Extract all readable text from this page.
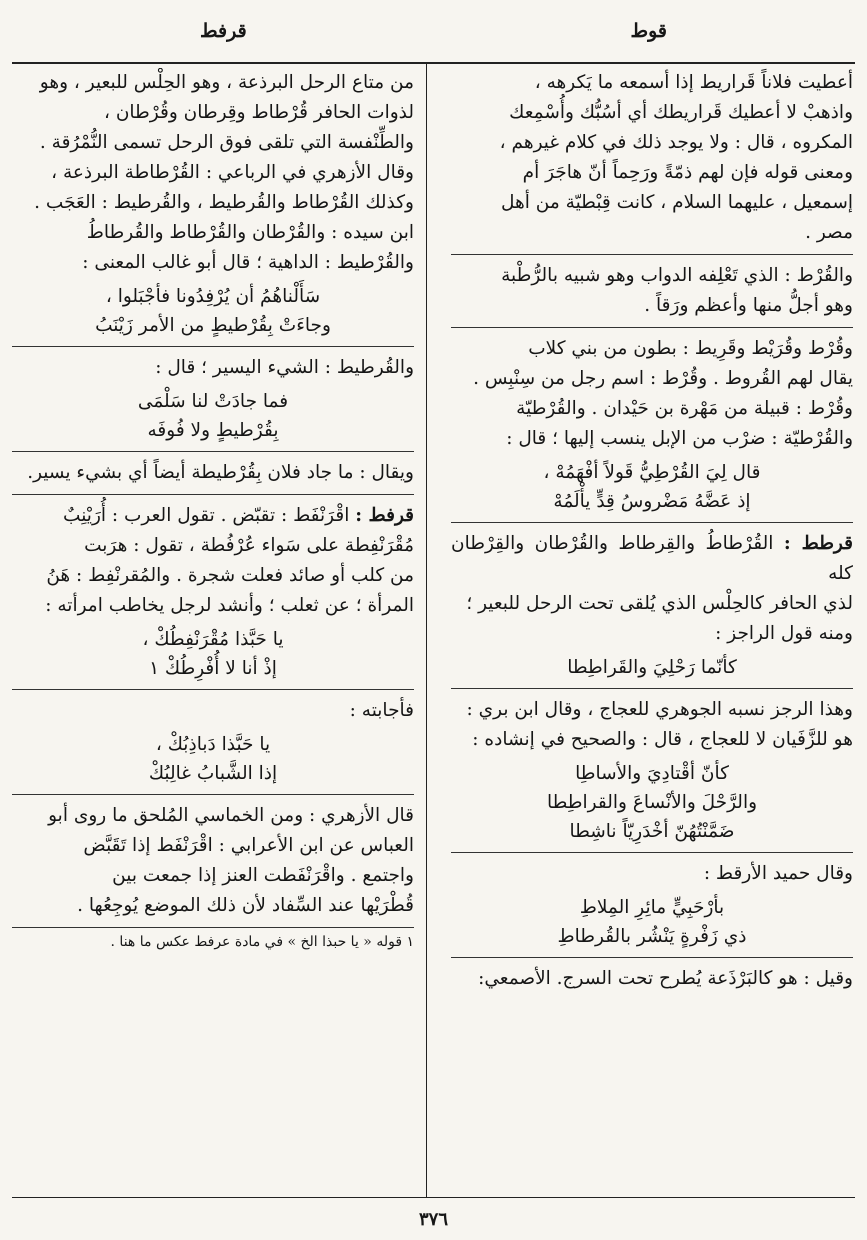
قوط
قرفط
أعطيت فلاناً قَراريط إذا أسمعه ما يَكرهه ،
واذهبْ لا أعطيك قَراريطك أي أسُبُّك وأُسْمِعك
المكروه ، قال : ولا يوجد ذلك في كلام غيرهم ،
ومعنى قوله فإن لهم ذمّةً ورَحِماً أنّ هاجَرَ أم
إسمعيل ، عليهما السلام ، كانت قِبْطيّة من أهل
مصر .
والقُرْط : الذي تَعْلِفه الدواب وهو شبيه بالرُّطْبة
وهو أجلُّ منها وأعظم ورَقاً .
وقُرْط وقُرَيْط وقَرِيط : بطون من بني كلاب
يقال لهم القُروط . وقُرْط : اسم رجل من سِنْبِس .
وقُرْط : قبيلة من مَهْرة بن حَيْدان . والقُرْطيّة
والقُرْطيّة : ضرْب من الإبل ينسب إليها ؛ قال :
قال لِيَ القُرْطِيُّ قَولاً أفْهَمُهْ ،
إذ عَضَّهُ مَضْروسُ قِدٍّ يأْلَمُهْ
قرطط : القُرْطاطُ والقِرطاط والقُرْطان والقِرْطان كله
لذي الحافر كالحِلْس الذي يُلقى تحت الرحل للبعير ؛
ومنه قول الراجز :
كأنّما رَحْلِيَ والقَراطِطا
وهذا الرجز نسبه الجوهري للعجاج ، وقال ابن بري :
هو للزَّفَيان لا للعجاج ، قال : والصحيح في إنشاده :
كأنّ أقْتادِيَ والأساطِا
والرَّحْلَ والأنْساعَ والقراطِطا
ضَمَّنْتُهُنّ أخْدَرِيّاً ناشِطا
وقال حميد الأرقط :
بأرْحَبِيٍّ مائِرِ المِلاطِ
ذي زَفْرةٍ يَنْشُر بالقُرطاطِ
وقيل : هو كالبَرْذَعة يُطرح تحت السرج. الأصمعي:
من متاع الرحل البرذعة ، وهو الحِلْس للبعير ، وهو
لذوات الحافر قُرْطاط وقِرطان وقُرْطان ،
والطِّنْفسة التي تلقى فوق الرحل تسمى النُّمْرُقة .
وقال الأزهري في الرباعي : القُرْطاطة البرذعة ،
وكذلك القُرْطاط والقُرطيط ، والقُرطيط : العَجَب .
ابن سيده : والقُرْطان والقُرْطاط والقُرطاطُ
والقُرْطيط : الداهية ؛ قال أبو غالب المعنى :
سَأَلْناهُمُ أن يُرْفِدُونا فأجْبَلوا ،
وجاءَتْ بِقُرْطيطٍ من الأمر زَيْنَبُ
والقُرطيط : الشيء اليسير ؛ قال :
فما جادَتْ لنا سَلْمَى
بِقُرْطيطٍ ولا فُوفَه
ويقال : ما جاد فلان بِقُرْطيطة أيضاً أي بشيء يسير.
قرفط : اقْرَنْفَط : تقبّض . تقول العرب : أُرَيْنِبٌ
مُقْرَنْفِطة على سَواء عُرْفُطة ، تقول : هرَبت
من كلب أو صائد فعلت شجرة . والمُقرنْفِط : هَنُ
المرأة ؛ عن ثعلب ؛ وأنشد لرجل يخاطب امرأته :
يا حَبَّذا مُقْرَنْفِطُكْ ،
إذْ أنا لا أُفْرِطُكْ ١
فأجابته :
يا حَبَّذا دَباذِبُكْ ،
إذا الشَّبابُ غالِبُكْ
قال الأزهري : ومن الخماسي المُلحق ما روى أبو
العباس عن ابن الأعرابي : اقْرَنْفَط إذا تَقَبَّض
واجتمع . واقْرَنْفَطت العنز إذا جمعت بين
قُطْرَيْها عند السِّفاد لأن ذلك الموضع يُوجِعُها .
١ قوله « يا حبذا الخ » في مادة عرفط عكس ما هنا .
٣٧٦
